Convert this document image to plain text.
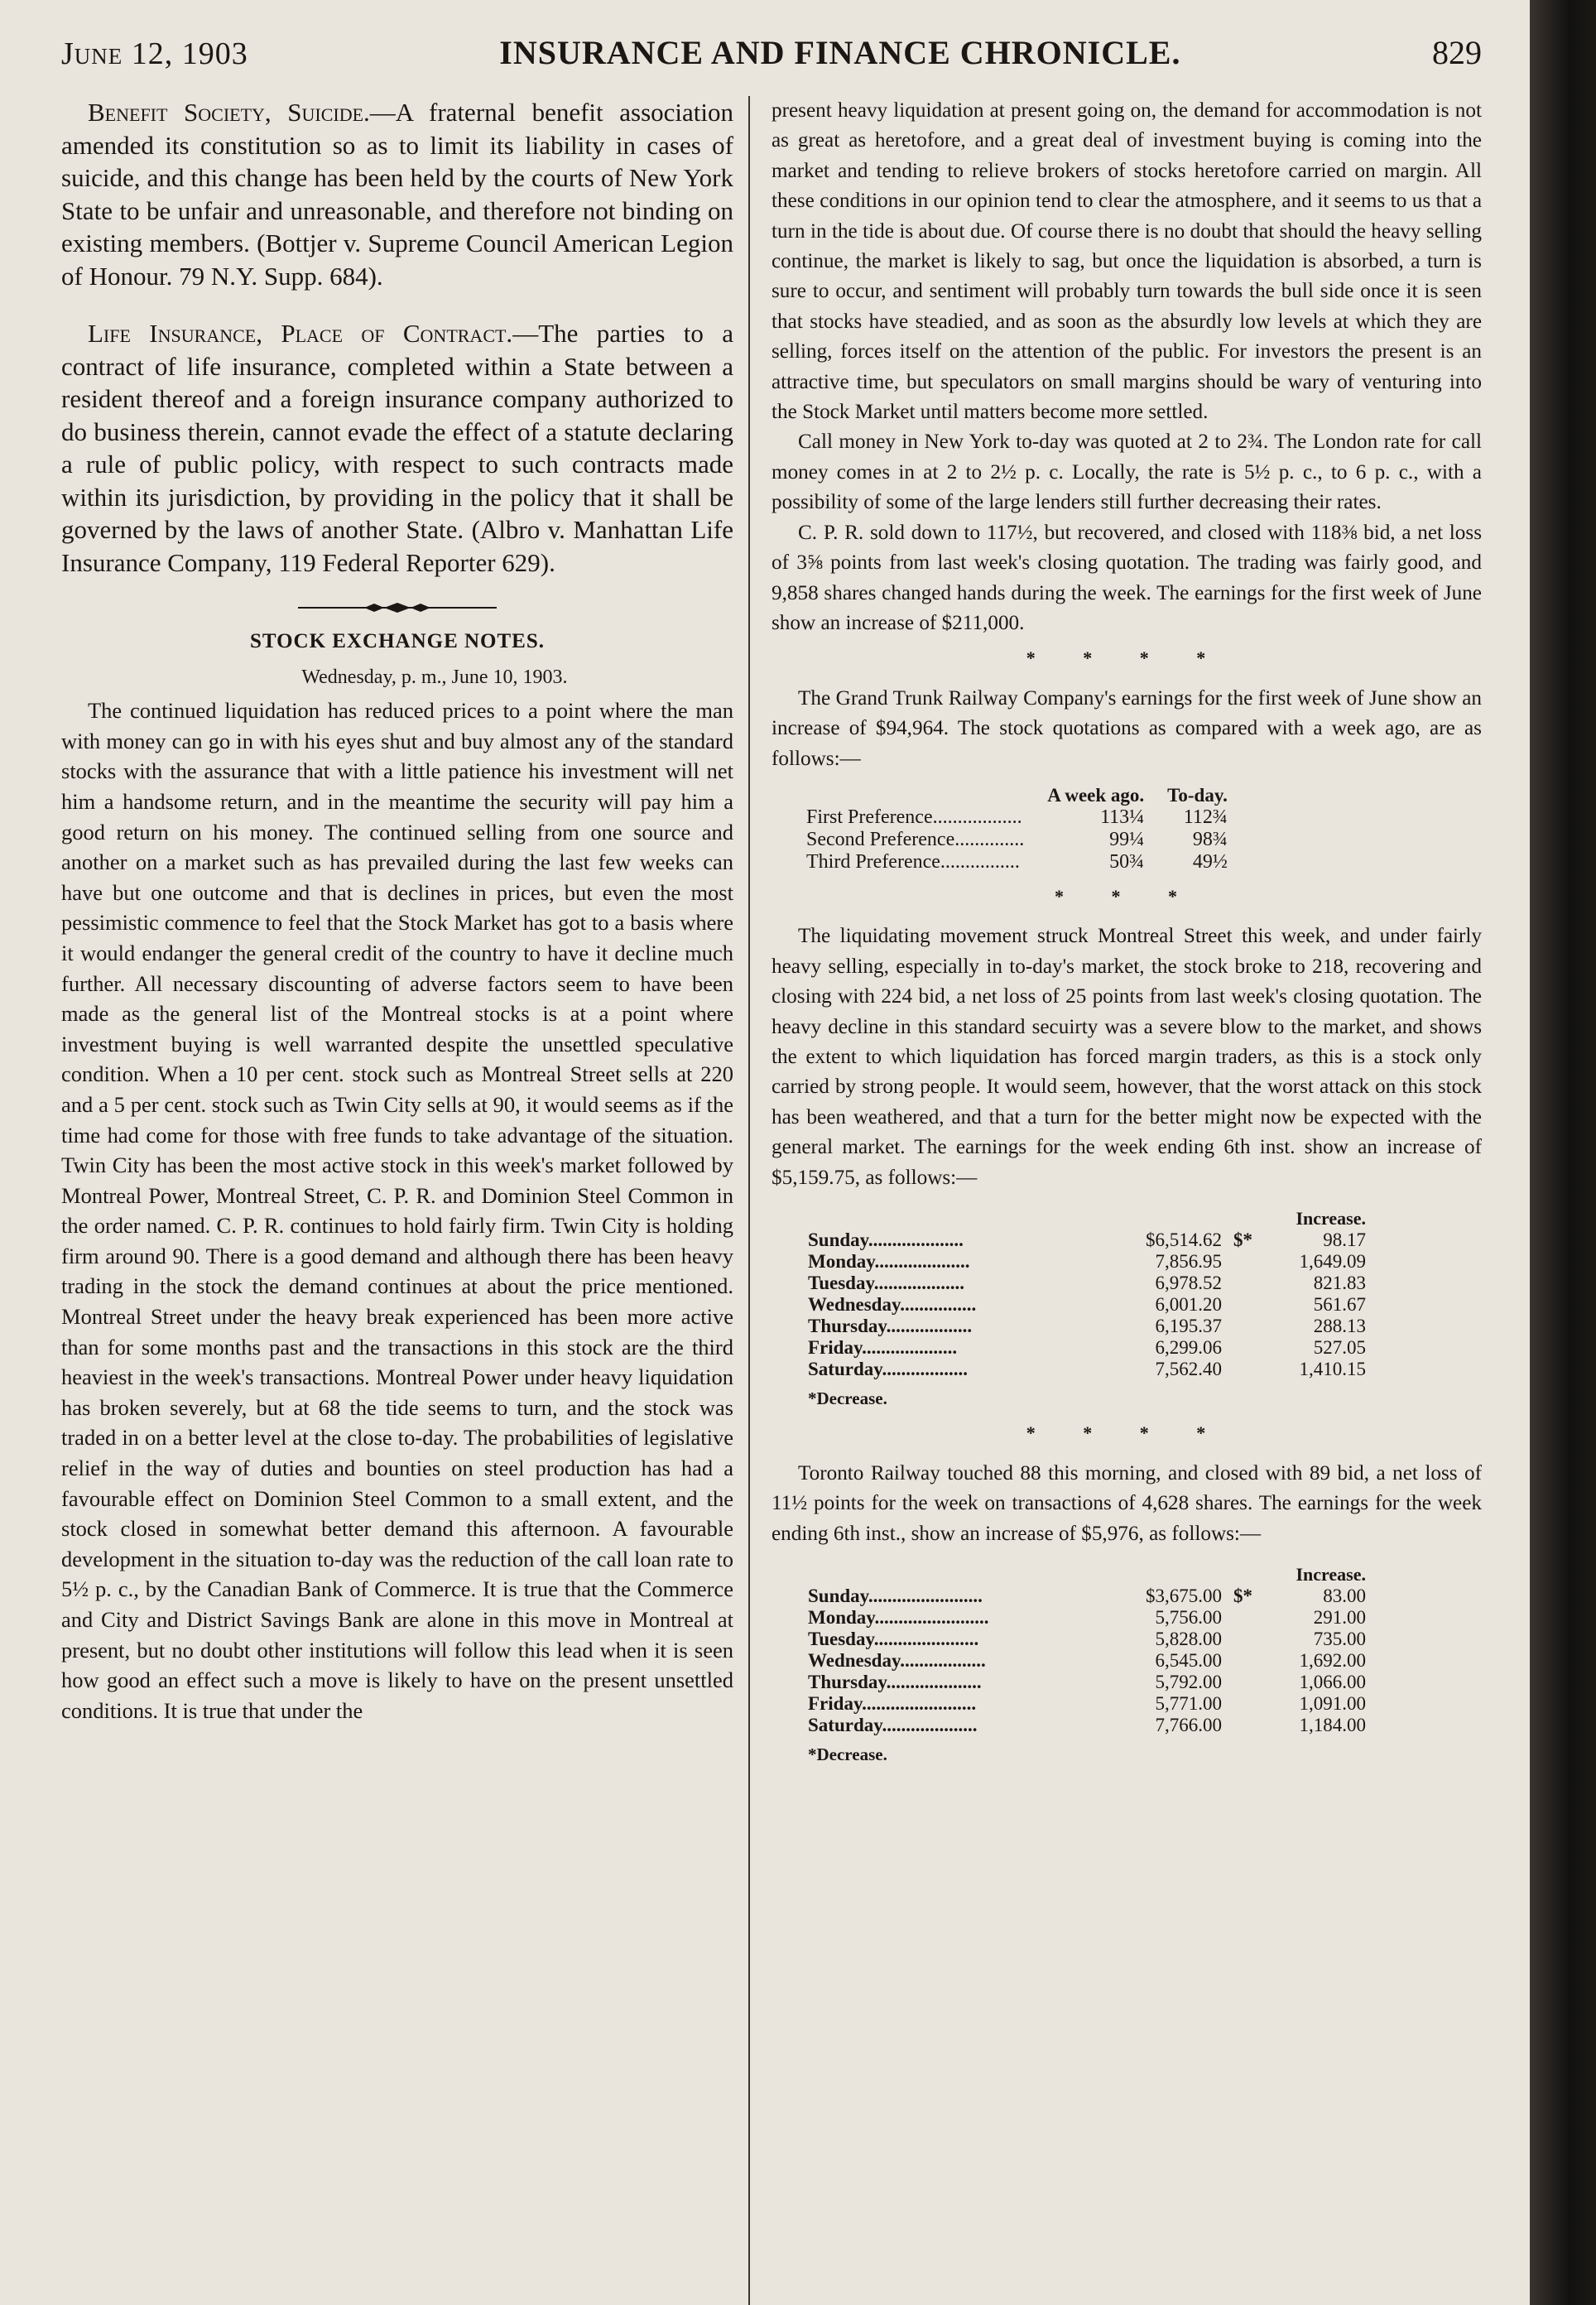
June 12, 1903	INSURANCE AND FINANCE CHRONICLE.	829

Benefit Society, Suicide.—A fraternal benefit association amended its constitution so as to limit its liability in cases of suicide, and this change has been held by the courts of New York State to be unfair and unreasonable, and therefore not binding on existing members. (Bottjer v. Supreme Council American Legion of Honour. 79 N.Y. Supp. 684).

Life Insurance, Place of Contract.—The parties to a contract of life insurance, completed within a State between a resident thereof and a foreign insurance company authorized to do business therein, cannot evade the effect of a statute declaring a rule of public policy, with respect to such contracts made within its jurisdiction, by providing in the policy that it shall be governed by the laws of another State. (Albro v. Manhattan Life Insurance Company, 119 Federal Reporter 629).

STOCK EXCHANGE NOTES.
Wednesday, p. m., June 10, 1903.

The continued liquidation has reduced prices to a point where the man with money can go in with his eyes shut and buy almost any of the standard stocks with the assurance that with a little patience his investment will net him a handsome return, and in the meantime the security will pay him a good return on his money. The continued selling from one source and another on a market such as has prevailed during the last few weeks can have but one outcome and that is declines in prices, but even the most pessimistic commence to feel that the Stock Market has got to a basis where it would endanger the general credit of the country to have it decline much further. All necessary discounting of adverse factors seem to have been made as the general list of the Montreal stocks is at a point where investment buying is well warranted despite the unsettled speculative condition. When a 10 per cent. stock such as Montreal Street sells at 220 and a 5 per cent. stock such as Twin City sells at 90, it would seems as if the time had come for those with free funds to take advantage of the situation. Twin City has been the most active stock in this week's market followed by Montreal Power, Montreal Street, C. P. R. and Dominion Steel Common in the order named. C. P. R. continues to hold fairly firm. Twin City is holding firm around 90. There is a good demand and although there has been heavy trading in the stock the demand continues at about the price mentioned. Montreal Street under the heavy break experienced has been more active than for some months past and the transactions in this stock are the third heaviest in the week's transactions. Montreal Power under heavy liquidation has broken severely, but at 68 the tide seems to turn, and the stock was traded in on a better level at the close to-day. The probabilities of legislative relief in the way of duties and bounties on steel production has had a favourable effect on Dominion Steel Common to a small extent, and the stock closed in somewhat better demand this afternoon. A favourable development in the situation to-day was the reduction of the call loan rate to 5½ p. c., by the Canadian Bank of Commerce. It is true that the Commerce and City and District Savings Bank are alone in this move in Montreal at present, but no doubt other institutions will follow this lead when it is seen how good an effect such a move is likely to have on the present unsettled conditions. It is true that under the

present heavy liquidation at present going on, the demand for accommodation is not as great as heretofore, and a great deal of investment buying is coming into the market and tending to relieve brokers of stocks heretofore carried on margin. All these conditions in our opinion tend to clear the atmosphere, and it seems to us that a turn in the tide is about due. Of course there is no doubt that should the heavy selling continue, the market is likely to sag, but once the liquidation is absorbed, a turn is sure to occur, and sentiment will probably turn towards the bull side once it is seen that stocks have steadied, and as soon as the absurdly low levels at which they are selling, forces itself on the attention of the public. For investors the present is an attractive time, but speculators on small margins should be wary of venturing into the Stock Market until matters become more settled.

Call money in New York to-day was quoted at 2 to 2¾. The London rate for call money comes in at 2 to 2½ p. c. Locally, the rate is 5½ p. c., to 6 p. c., with a possibility of some of the large lenders still further decreasing their rates.

C. P. R. sold down to 117½, but recovered, and closed with 118⅜ bid, a net loss of 3⅝ points from last week's closing quotation. The trading was fairly good, and 9,858 shares changed hands during the week. The earnings for the first week of June show an increase of $211,000.

* * * *

The Grand Trunk Railway Company's earnings for the first week of June show an increase of $94,964. The stock quotations as compared with a week ago, are as follows:—

	A week ago.	To-day.
First Preference..................	113¼	112¾
Second Preference..............	99¼	98¾
Third Preference................	50¾	49½
* * *

The liquidating movement struck Montreal Street this week, and under fairly heavy selling, especially in to-day's market, the stock broke to 218, recovering and closing with 224 bid, a net loss of 25 points from last week's closing quotation. The heavy decline in this standard secuirty was a severe blow to the market, and shows the extent to which liquidation has forced margin traders, as this is a stock only carried by strong people. It would seem, however, that the worst attack on this stock has been weathered, and that a turn for the better might now be expected with the general market. The earnings for the week ending 6th inst. show an increase of $5,159.75, as follows:—

			Increase.
Sunday....................	$6,514.62	$*	98.17
Monday....................	7,856.95		1,649.09
Tuesday...................	6,978.52		821.83
Wednesday................	6,001.20		561.67
Thursday..................	6,195.37		288.13
Friday....................	6,299.06		527.05
Saturday..................	7,562.40		1,410.15
*Decrease.
* * * *

Toronto Railway touched 88 this morning, and closed with 89 bid, a net loss of 11½ points for the week on transactions of 4,628 shares. The earnings for the week ending 6th inst., show an increase of $5,976, as follows:—

			Increase.
Sunday........................	$3,675.00	$*	83.00
Monday........................	5,756.00		291.00
Tuesday......................	5,828.00		735.00
Wednesday..................	6,545.00		1,692.00
Thursday....................	5,792.00		1,066.00
Friday........................	5,771.00		1,091.00
Saturday....................	7,766.00		1,184.00
*Decrease.
